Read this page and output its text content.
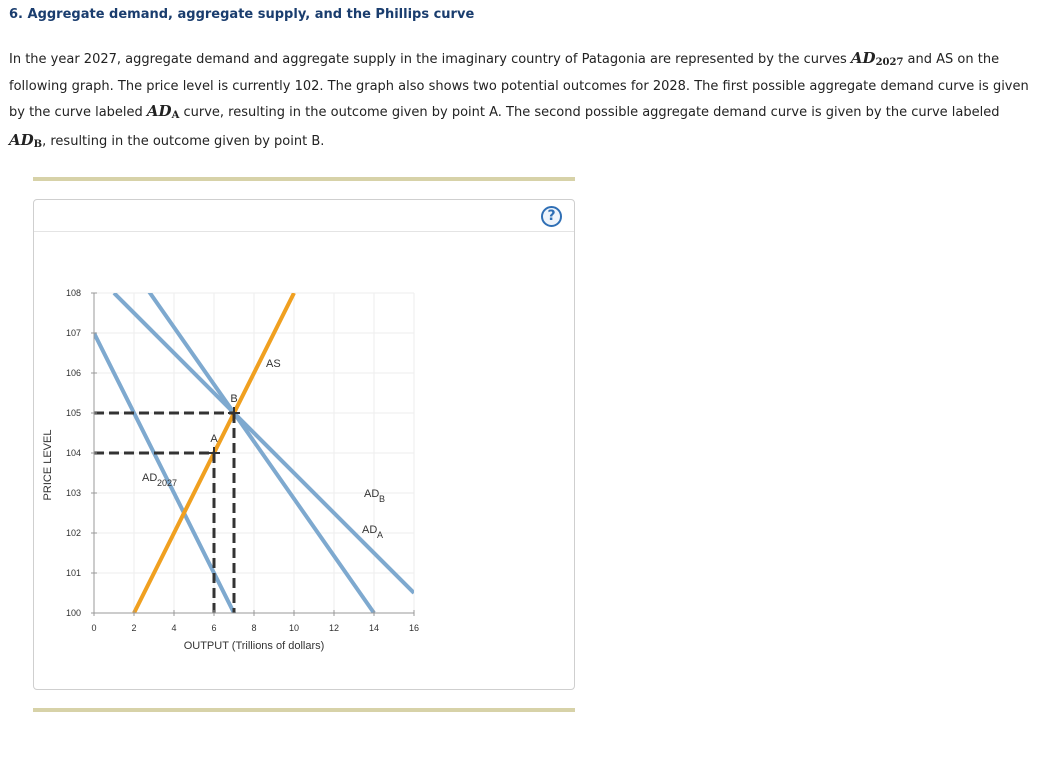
6. Aggregate demand, aggregate supply, and the Phillips curve
In the year 2027, aggregate demand and aggregate supply in the imaginary country of Patagonia are represented by the curves $AD_{2027}$ and AS on the following graph. The price level is currently 102. The graph also shows two potential outcomes for 2028. The first possible aggregate demand curve is given by the curve labeled $AD_A$ curve, resulting in the outcome given by point A. The second possible aggregate demand curve is given by the curve labeled $AD_B$, resulting in the outcome given by point B.
?
100
101
102
103
104
105
106
107
108
0	2	4	6	8	10	12	14	16
OUTPUT (Trillions of dollars)
PRICE LEVEL	A
B
AD 2027
AD A
AD B
AS
